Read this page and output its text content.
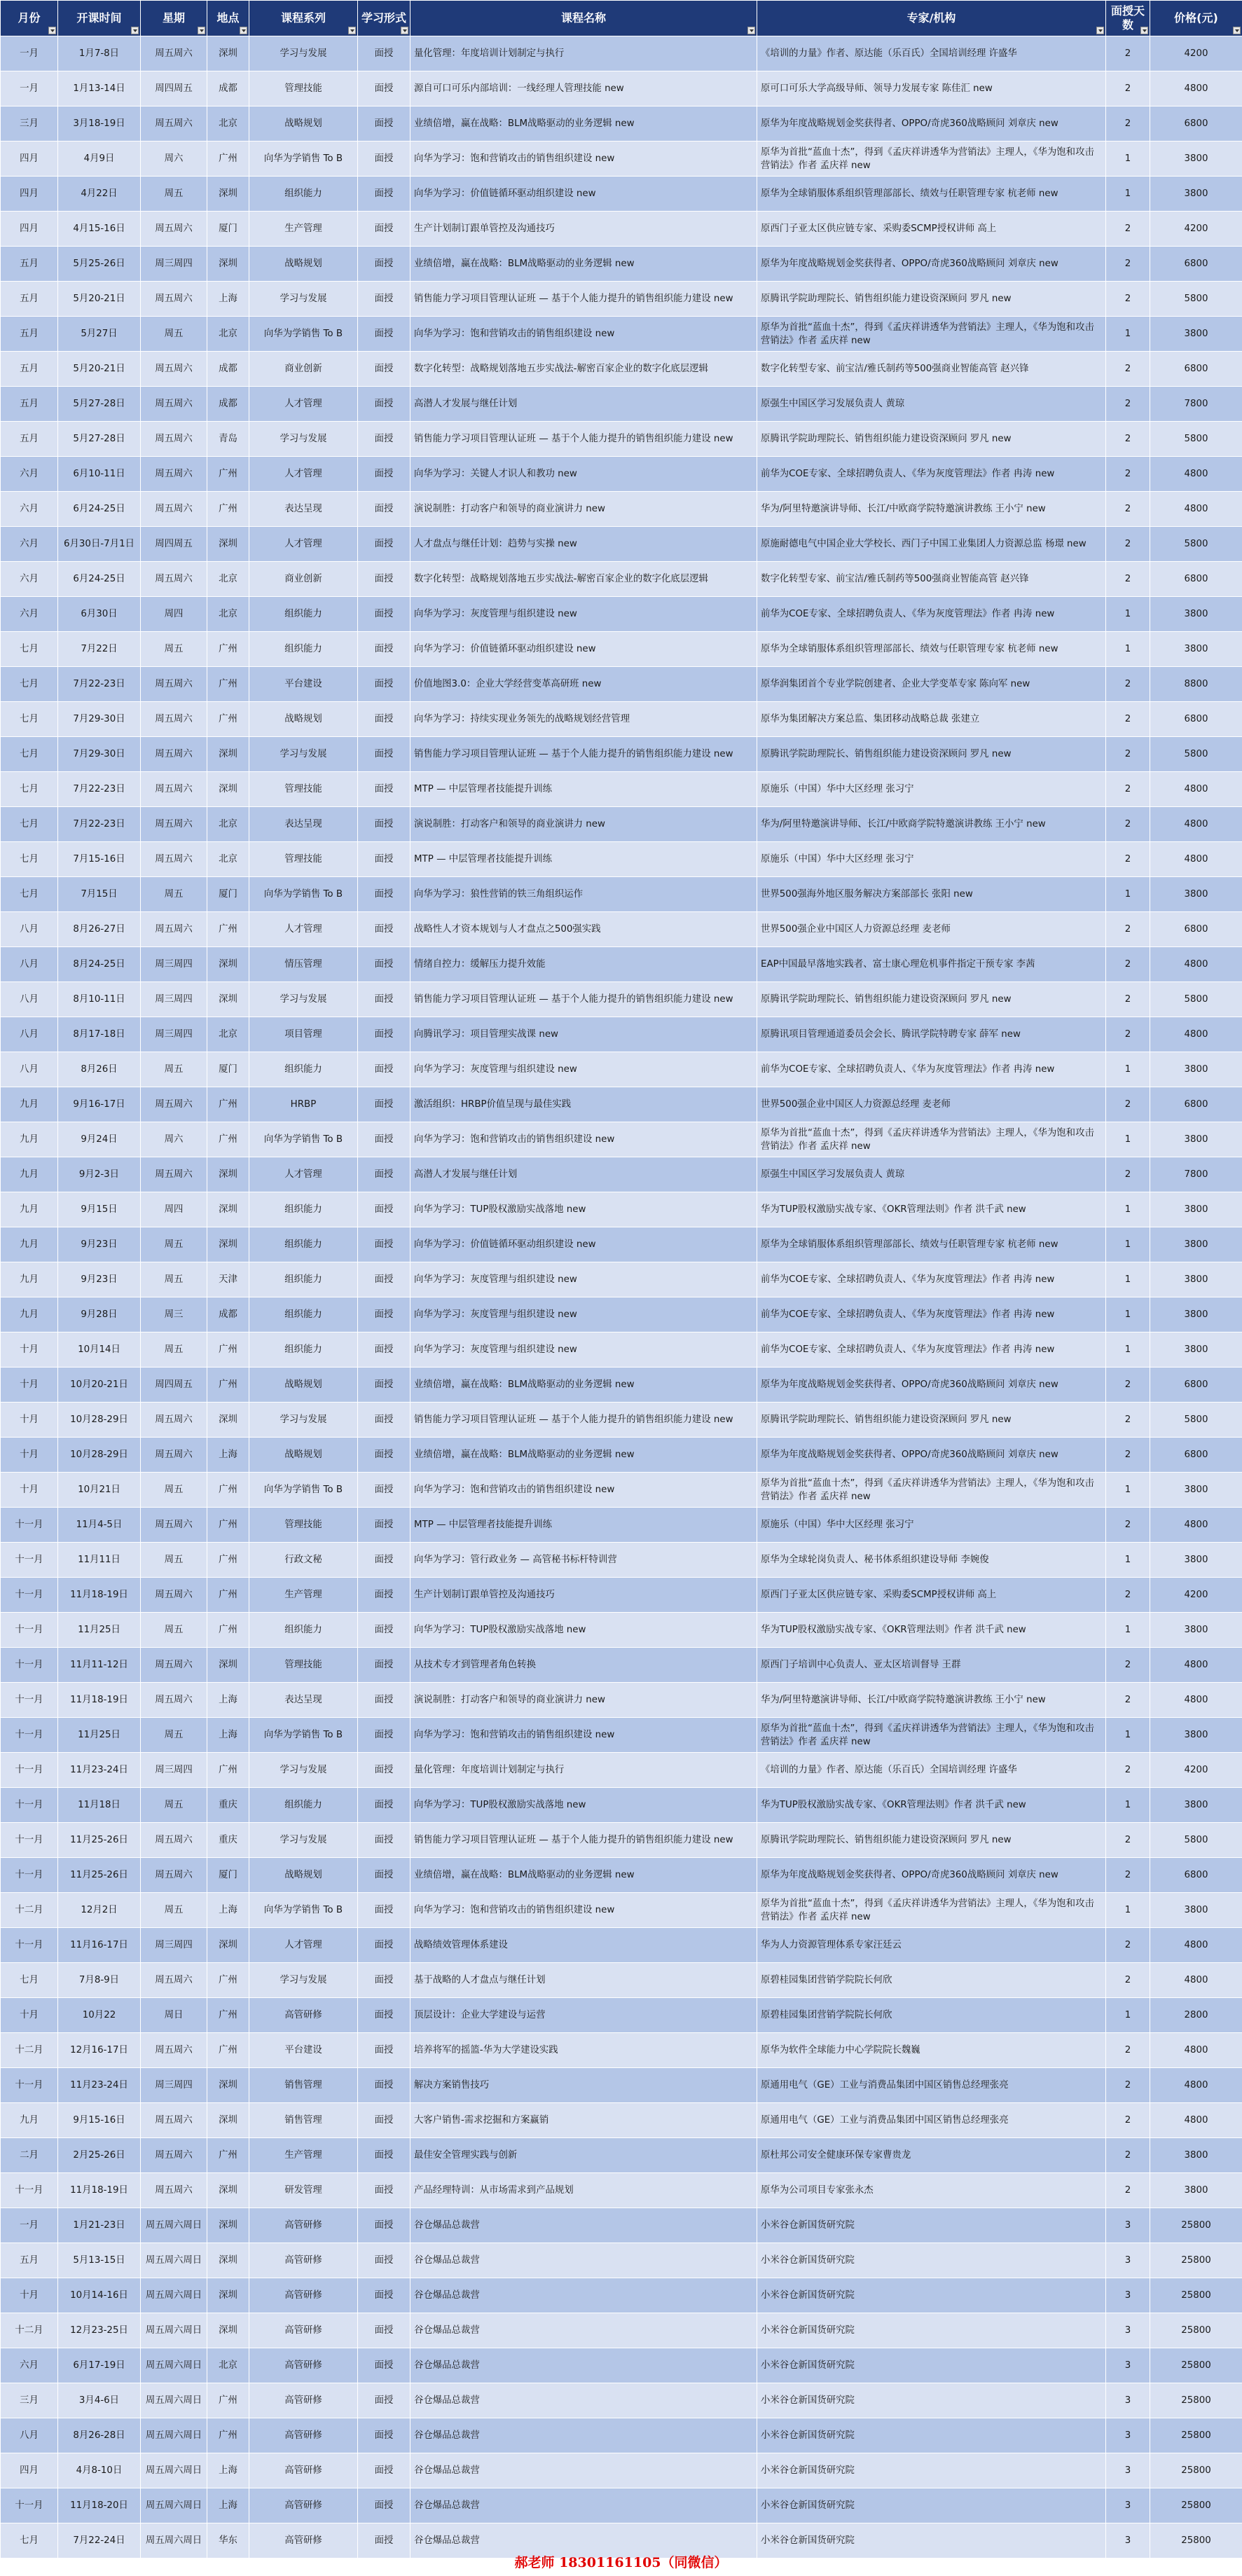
月份	开课时间	星期	地点	课程系列	学习形式	课程名称	专家/机构	面授天数	价格(元)

一月	1月7-8日	周五周六	深圳	学习与发展	面授	量化管理：年度培训计划制定与执行	《培训的力量》作者、原达能（乐百氏）全国培训经理 许盛华	2	4200
一月	1月13-14日	周四周五	成都	管理技能	面授	源自可口可乐内部培训：一线经理人管理技能 new	原可口可乐大学高级导师、领导力发展专家 陈佳汇 new	2	4800
三月	3月18-19日	周五周六	北京	战略规划	面授	业绩倍增，赢在战略：BLM战略驱动的业务逻辑 new	原华为年度战略规划金奖获得者、OPPO/奇虎360战略顾问 刘章庆 new	2	6800
四月	4月9日	周六	广州	向华为学销售 To B	面授	向华为学习：饱和营销攻击的销售组织建设 new	原华为首批“蓝血十杰”，得到《孟庆祥讲透华为营销法》主理人，《华为饱和攻击营销法》作者 孟庆祥 new	1	3800
四月	4月22日	周五	深圳	组织能力	面授	向华为学习：价值链循环驱动组织建设 new	原华为全球销服体系组织管理部部长、绩效与任职管理专家 杭老师 new	1	3800
四月	4月15-16日	周五周六	厦门	生产管理	面授	生产计划制订跟单管控及沟通技巧	原西门子亚太区供应链专家、采购委SCMP授权讲师 高上	2	4200
五月	5月25-26日	周三周四	深圳	战略规划	面授	业绩倍增，赢在战略：BLM战略驱动的业务逻辑 new	原华为年度战略规划金奖获得者、OPPO/奇虎360战略顾问 刘章庆 new	2	6800
五月	5月20-21日	周五周六	上海	学习与发展	面授	销售能力学习项目管理认证班 — 基于个人能力提升的销售组织能力建设 new	原腾讯学院助理院长、销售组织能力建设资深顾问 罗凡 new	2	5800
五月	5月27日	周五	北京	向华为学销售 To B	面授	向华为学习：饱和营销攻击的销售组织建设 new	原华为首批“蓝血十杰”，得到《孟庆祥讲透华为营销法》主理人，《华为饱和攻击营销法》作者 孟庆祥 new	1	3800
五月	5月20-21日	周五周六	成都	商业创新	面授	数字化转型：战略规划落地五步实战法-解密百家企业的数字化底层逻辑	数字化转型专家、前宝洁/雅氏制药等500强商业智能高管 赵兴锋	2	6800
五月	5月27-28日	周五周六	成都	人才管理	面授	高潜人才发展与继任计划	原强生中国区学习发展负责人 黄琼	2	7800
五月	5月27-28日	周五周六	青岛	学习与发展	面授	销售能力学习项目管理认证班 — 基于个人能力提升的销售组织能力建设 new	原腾讯学院助理院长、销售组织能力建设资深顾问 罗凡 new	2	5800
六月	6月10-11日	周五周六	广州	人才管理	面授	向华为学习：关键人才识人和教功 new	前华为COE专家、全球招聘负责人、《华为灰度管理法》作者 冉涛 new	2	4800
六月	6月24-25日	周五周六	广州	表达呈现	面授	演说制胜：打动客户和领导的商业演讲力 new	华为/阿里特邀演讲导师、长江/中欧商学院特邀演讲教练 王小宁 new	2	4800
六月	6月30日-7月1日	周四周五	深圳	人才管理	面授	人才盘点与继任计划：趋势与实操 new	原施耐德电气中国企业大学校长、西门子中国工业集团人力资源总监 杨璟 new	2	5800
六月	6月24-25日	周五周六	北京	商业创新	面授	数字化转型：战略规划落地五步实战法-解密百家企业的数字化底层逻辑	数字化转型专家、前宝洁/雅氏制药等500强商业智能高管 赵兴锋	2	6800
六月	6月30日	周四	北京	组织能力	面授	向华为学习：灰度管理与组织建设 new	前华为COE专家、全球招聘负责人、《华为灰度管理法》作者 冉涛 new	1	3800
七月	7月22日	周五	广州	组织能力	面授	向华为学习：价值链循环驱动组织建设 new	原华为全球销服体系组织管理部部长、绩效与任职管理专家 杭老师 new	1	3800
七月	7月22-23日	周五周六	广州	平台建设	面授	价值地图3.0：企业大学经营变革高研班 new	原华润集团首个专业学院创建者、企业大学变革专家 陈向军 new	2	8800
七月	7月29-30日	周五周六	广州	战略规划	面授	向华为学习：持续实现业务领先的战略规划经营管理	原华为集团解决方案总监、集团移动战略总裁 张建立	2	6800
七月	7月29-30日	周五周六	深圳	学习与发展	面授	销售能力学习项目管理认证班 — 基于个人能力提升的销售组织能力建设 new	原腾讯学院助理院长、销售组织能力建设资深顾问 罗凡 new	2	5800
七月	7月22-23日	周五周六	深圳	管理技能	面授	MTP — 中层管理者技能提升训练	原施乐（中国）华中大区经理 张习宁	2	4800
七月	7月22-23日	周五周六	北京	表达呈现	面授	演说制胜：打动客户和领导的商业演讲力 new	华为/阿里特邀演讲导师、长江/中欧商学院特邀演讲教练 王小宁 new	2	4800
七月	7月15-16日	周五周六	北京	管理技能	面授	MTP — 中层管理者技能提升训练	原施乐（中国）华中大区经理 张习宁	2	4800
七月	7月15日	周五	厦门	向华为学销售 To B	面授	向华为学习：狼性营销的铁三角组织运作	世界500强海外地区服务解决方案部部长 张阳 new	1	3800
八月	8月26-27日	周五周六	广州	人才管理	面授	战略性人才资本规划与人才盘点之500强实践	世界500强企业中国区人力资源总经理 麦老师	2	6800
八月	8月24-25日	周三周四	深圳	情压管理	面授	情绪自控力：缓解压力提升效能	EAP中国最早落地实践者、富士康心理危机事件指定干预专家 李茜	2	4800
八月	8月10-11日	周三周四	深圳	学习与发展	面授	销售能力学习项目管理认证班 — 基于个人能力提升的销售组织能力建设 new	原腾讯学院助理院长、销售组织能力建设资深顾问 罗凡 new	2	5800
八月	8月17-18日	周三周四	北京	项目管理	面授	向腾讯学习：项目管理实战课 new	原腾讯项目管理通道委员会会长、腾讯学院特聘专家 薛军 new	2	4800
八月	8月26日	周五	厦门	组织能力	面授	向华为学习：灰度管理与组织建设 new	前华为COE专家、全球招聘负责人、《华为灰度管理法》作者 冉涛 new	1	3800
九月	9月16-17日	周五周六	广州	HRBP	面授	激活组织：HRBP价值呈现与最佳实践	世界500强企业中国区人力资源总经理 麦老师	2	6800
九月	9月24日	周六	广州	向华为学销售 To B	面授	向华为学习：饱和营销攻击的销售组织建设 new	原华为首批“蓝血十杰”，得到《孟庆祥讲透华为营销法》主理人，《华为饱和攻击营销法》作者 孟庆祥 new	1	3800
九月	9月2-3日	周五周六	深圳	人才管理	面授	高潜人才发展与继任计划	原强生中国区学习发展负责人 黄琼	2	7800
九月	9月15日	周四	深圳	组织能力	面授	向华为学习：TUP股权激励实战落地 new	华为TUP股权激励实战专家、《OKR管理法则》作者 洪千武 new	1	3800
九月	9月23日	周五	深圳	组织能力	面授	向华为学习：价值链循环驱动组织建设 new	原华为全球销服体系组织管理部部长、绩效与任职管理专家 杭老师 new	1	3800
九月	9月23日	周五	天津	组织能力	面授	向华为学习：灰度管理与组织建设 new	前华为COE专家、全球招聘负责人、《华为灰度管理法》作者 冉涛 new	1	3800
九月	9月28日	周三	成都	组织能力	面授	向华为学习：灰度管理与组织建设 new	前华为COE专家、全球招聘负责人、《华为灰度管理法》作者 冉涛 new	1	3800
十月	10月14日	周五	广州	组织能力	面授	向华为学习：灰度管理与组织建设 new	前华为COE专家、全球招聘负责人、《华为灰度管理法》作者 冉涛 new	1	3800
十月	10月20-21日	周四周五	广州	战略规划	面授	业绩倍增，赢在战略：BLM战略驱动的业务逻辑 new	原华为年度战略规划金奖获得者、OPPO/奇虎360战略顾问 刘章庆 new	2	6800
十月	10月28-29日	周五周六	深圳	学习与发展	面授	销售能力学习项目管理认证班 — 基于个人能力提升的销售组织能力建设 new	原腾讯学院助理院长、销售组织能力建设资深顾问 罗凡 new	2	5800
十月	10月28-29日	周五周六	上海	战略规划	面授	业绩倍增，赢在战略：BLM战略驱动的业务逻辑 new	原华为年度战略规划金奖获得者、OPPO/奇虎360战略顾问 刘章庆 new	2	6800
十月	10月21日	周五	广州	向华为学销售 To B	面授	向华为学习：饱和营销攻击的销售组织建设 new	原华为首批“蓝血十杰”，得到《孟庆祥讲透华为营销法》主理人，《华为饱和攻击营销法》作者 孟庆祥 new	1	3800
十一月	11月4-5日	周五周六	广州	管理技能	面授	MTP — 中层管理者技能提升训练	原施乐（中国）华中大区经理 张习宁	2	4800
十一月	11月11日	周五	广州	行政文秘	面授	向华为学习：管行政业务 — 高管秘书标杆特训营	原华为全球轮岗负责人、秘书体系组织建设导师 李婉俊	1	3800
十一月	11月18-19日	周五周六	广州	生产管理	面授	生产计划制订跟单管控及沟通技巧	原西门子亚太区供应链专家、采购委SCMP授权讲师 高上	2	4200
十一月	11月25日	周五	广州	组织能力	面授	向华为学习：TUP股权激励实战落地 new	华为TUP股权激励实战专家、《OKR管理法则》作者 洪千武 new	1	3800
十一月	11月11-12日	周五周六	深圳	管理技能	面授	从技术专才到管理者角色转换	原西门子培训中心负责人、亚太区培训督导 王群	2	4800
十一月	11月18-19日	周五周六	上海	表达呈现	面授	演说制胜：打动客户和领导的商业演讲力 new	华为/阿里特邀演讲导师、长江/中欧商学院特邀演讲教练 王小宁 new	2	4800
十一月	11月25日	周五	上海	向华为学销售 To B	面授	向华为学习：饱和营销攻击的销售组织建设 new	原华为首批“蓝血十杰”，得到《孟庆祥讲透华为营销法》主理人，《华为饱和攻击营销法》作者 孟庆祥 new	1	3800
十一月	11月23-24日	周三周四	广州	学习与发展	面授	量化管理：年度培训计划制定与执行	《培训的力量》作者、原达能（乐百氏）全国培训经理 许盛华	2	4200
十一月	11月18日	周五	重庆	组织能力	面授	向华为学习：TUP股权激励实战落地 new	华为TUP股权激励实战专家、《OKR管理法则》作者 洪千武 new	1	3800
十一月	11月25-26日	周五周六	重庆	学习与发展	面授	销售能力学习项目管理认证班 — 基于个人能力提升的销售组织能力建设 new	原腾讯学院助理院长、销售组织能力建设资深顾问 罗凡 new	2	5800
十一月	11月25-26日	周五周六	厦门	战略规划	面授	业绩倍增，赢在战略：BLM战略驱动的业务逻辑 new	原华为年度战略规划金奖获得者、OPPO/奇虎360战略顾问 刘章庆 new	2	6800
十二月	12月2日	周五	上海	向华为学销售 To B	面授	向华为学习：饱和营销攻击的销售组织建设 new	原华为首批“蓝血十杰”，得到《孟庆祥讲透华为营销法》主理人，《华为饱和攻击营销法》作者 孟庆祥 new	1	3800
十一月	11月16-17日	周三周四	深圳	人才管理	面授	战略绩效管理体系建设	华为人力资源管理体系专家汪廷云	2	4800
七月	7月8-9日	周五周六	广州	学习与发展	面授	基于战略的人才盘点与继任计划	原碧桂园集团营销学院院长何欣	2	4800
十月	10月22	周日	广州	高管研修	面授	顶层设计：企业大学建设与运营	原碧桂园集团营销学院院长何欣	1	2800
十二月	12月16-17日	周五周六	广州	平台建设	面授	培养将军的摇篮-华为大学建设实践	原华为软件全球能力中心学院院长魏巍	2	4800
十一月	11月23-24日	周三周四	深圳	销售管理	面授	解决方案销售技巧	原通用电气（GE）工业与消费品集团中国区销售总经理张亮	2	4800
九月	9月15-16日	周五周六	深圳	销售管理	面授	大客户销售-需求挖掘和方案赢销	原通用电气（GE）工业与消费品集团中国区销售总经理张亮	2	4800
二月	2月25-26日	周五周六	广州	生产管理	面授	最佳安全管理实践与创新	原杜邦公司安全健康环保专家曹贵龙	2	3800
十一月	11月18-19日	周五周六	深圳	研发管理	面授	产品经理特训：从市场需求到产品规划	原华为公司项目专家张永杰	2	3800
一月	1月21-23日	周五周六周日	深圳	高管研修	面授	谷仓爆品总裁营	小米谷仓新国货研究院	3	25800
五月	5月13-15日	周五周六周日	深圳	高管研修	面授	谷仓爆品总裁营	小米谷仓新国货研究院	3	25800
十月	10月14-16日	周五周六周日	深圳	高管研修	面授	谷仓爆品总裁营	小米谷仓新国货研究院	3	25800
十二月	12月23-25日	周五周六周日	深圳	高管研修	面授	谷仓爆品总裁营	小米谷仓新国货研究院	3	25800
六月	6月17-19日	周五周六周日	北京	高管研修	面授	谷仓爆品总裁营	小米谷仓新国货研究院	3	25800
三月	3月4-6日	周五周六周日	广州	高管研修	面授	谷仓爆品总裁营	小米谷仓新国货研究院	3	25800
八月	8月26-28日	周五周六周日	广州	高管研修	面授	谷仓爆品总裁营	小米谷仓新国货研究院	3	25800
四月	4月8-10日	周五周六周日	上海	高管研修	面授	谷仓爆品总裁营	小米谷仓新国货研究院	3	25800
十一月	11月18-20日	周五周六周日	上海	高管研修	面授	谷仓爆品总裁营	小米谷仓新国货研究院	3	25800
七月	7月22-24日	周五周六周日	华东	高管研修	面授	谷仓爆品总裁营	小米谷仓新国货研究院	3	25800
郝老师 18301161105（同微信）
